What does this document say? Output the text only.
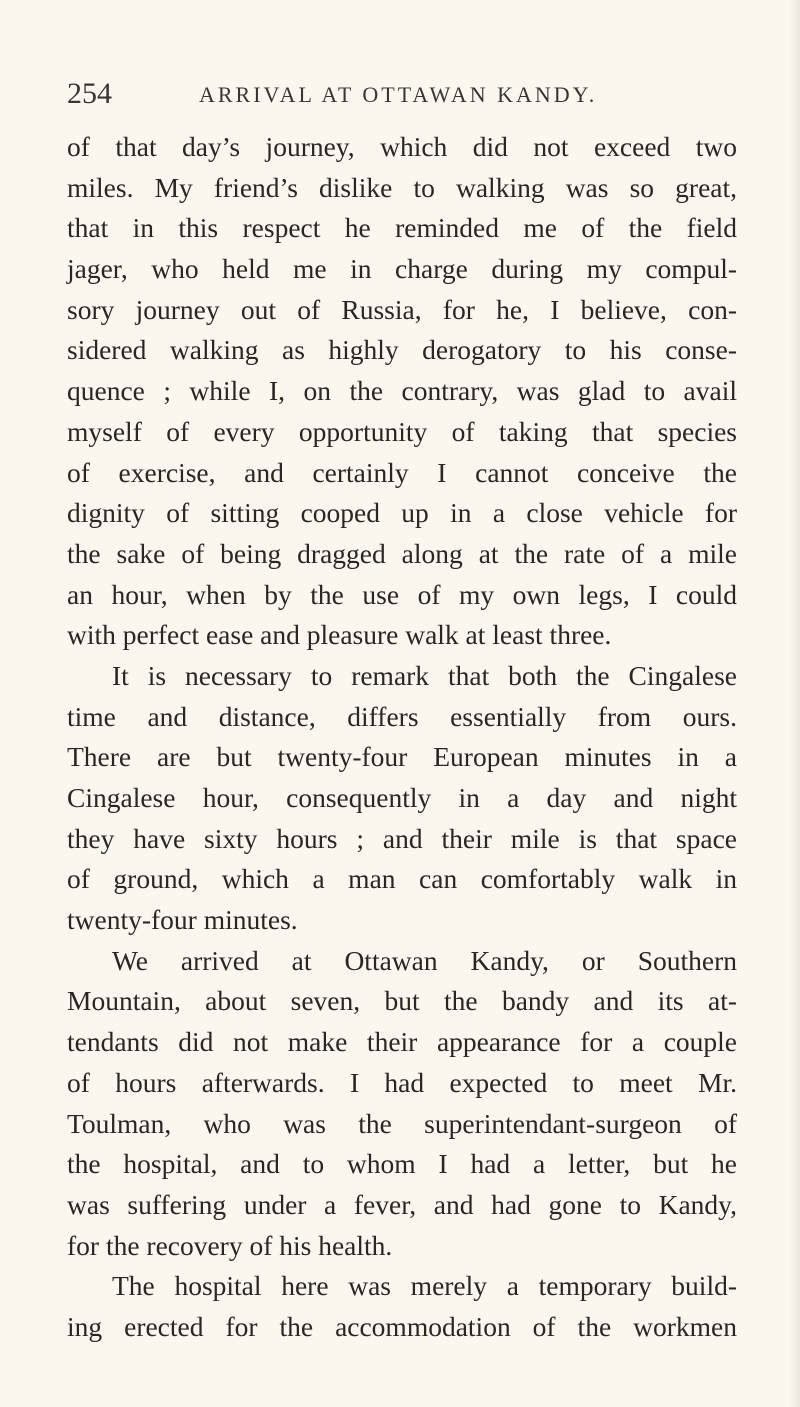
254	ARRIVAL AT OTTAWAN KANDY.
of that day’s journey, which did not exceed two
miles. My friend’s dislike to walking was so great,
that in this respect he reminded me of the field
jager, who held me in charge during my compul-
sory journey out of Russia, for he, I believe, con-
sidered walking as highly derogatory to his conse-
quence ; while I, on the contrary, was glad to avail
myself of every opportunity of taking that species
of exercise, and certainly I cannot conceive the
dignity of sitting cooped up in a close vehicle for
the sake of being dragged along at the rate of a mile
an hour, when by the use of my own legs, I could
with perfect ease and pleasure walk at least three.
It is necessary to remark that both the Cingalese
time and distance, differs essentially from ours.
There are but twenty-four European minutes in a
Cingalese hour, consequently in a day and night
they have sixty hours ; and their mile is that space
of ground, which a man can comfortably walk in
twenty-four minutes.
We arrived at Ottawan Kandy, or Southern
Mountain, about seven, but the bandy and its at-
tendants did not make their appearance for a couple
of hours afterwards. I had expected to meet Mr.
Toulman, who was the superintendant-surgeon of
the hospital, and to whom I had a letter, but he
was suffering under a fever, and had gone to Kandy,
for the recovery of his health.
The hospital here was merely a temporary build-
ing erected for the accommodation of the workmen
